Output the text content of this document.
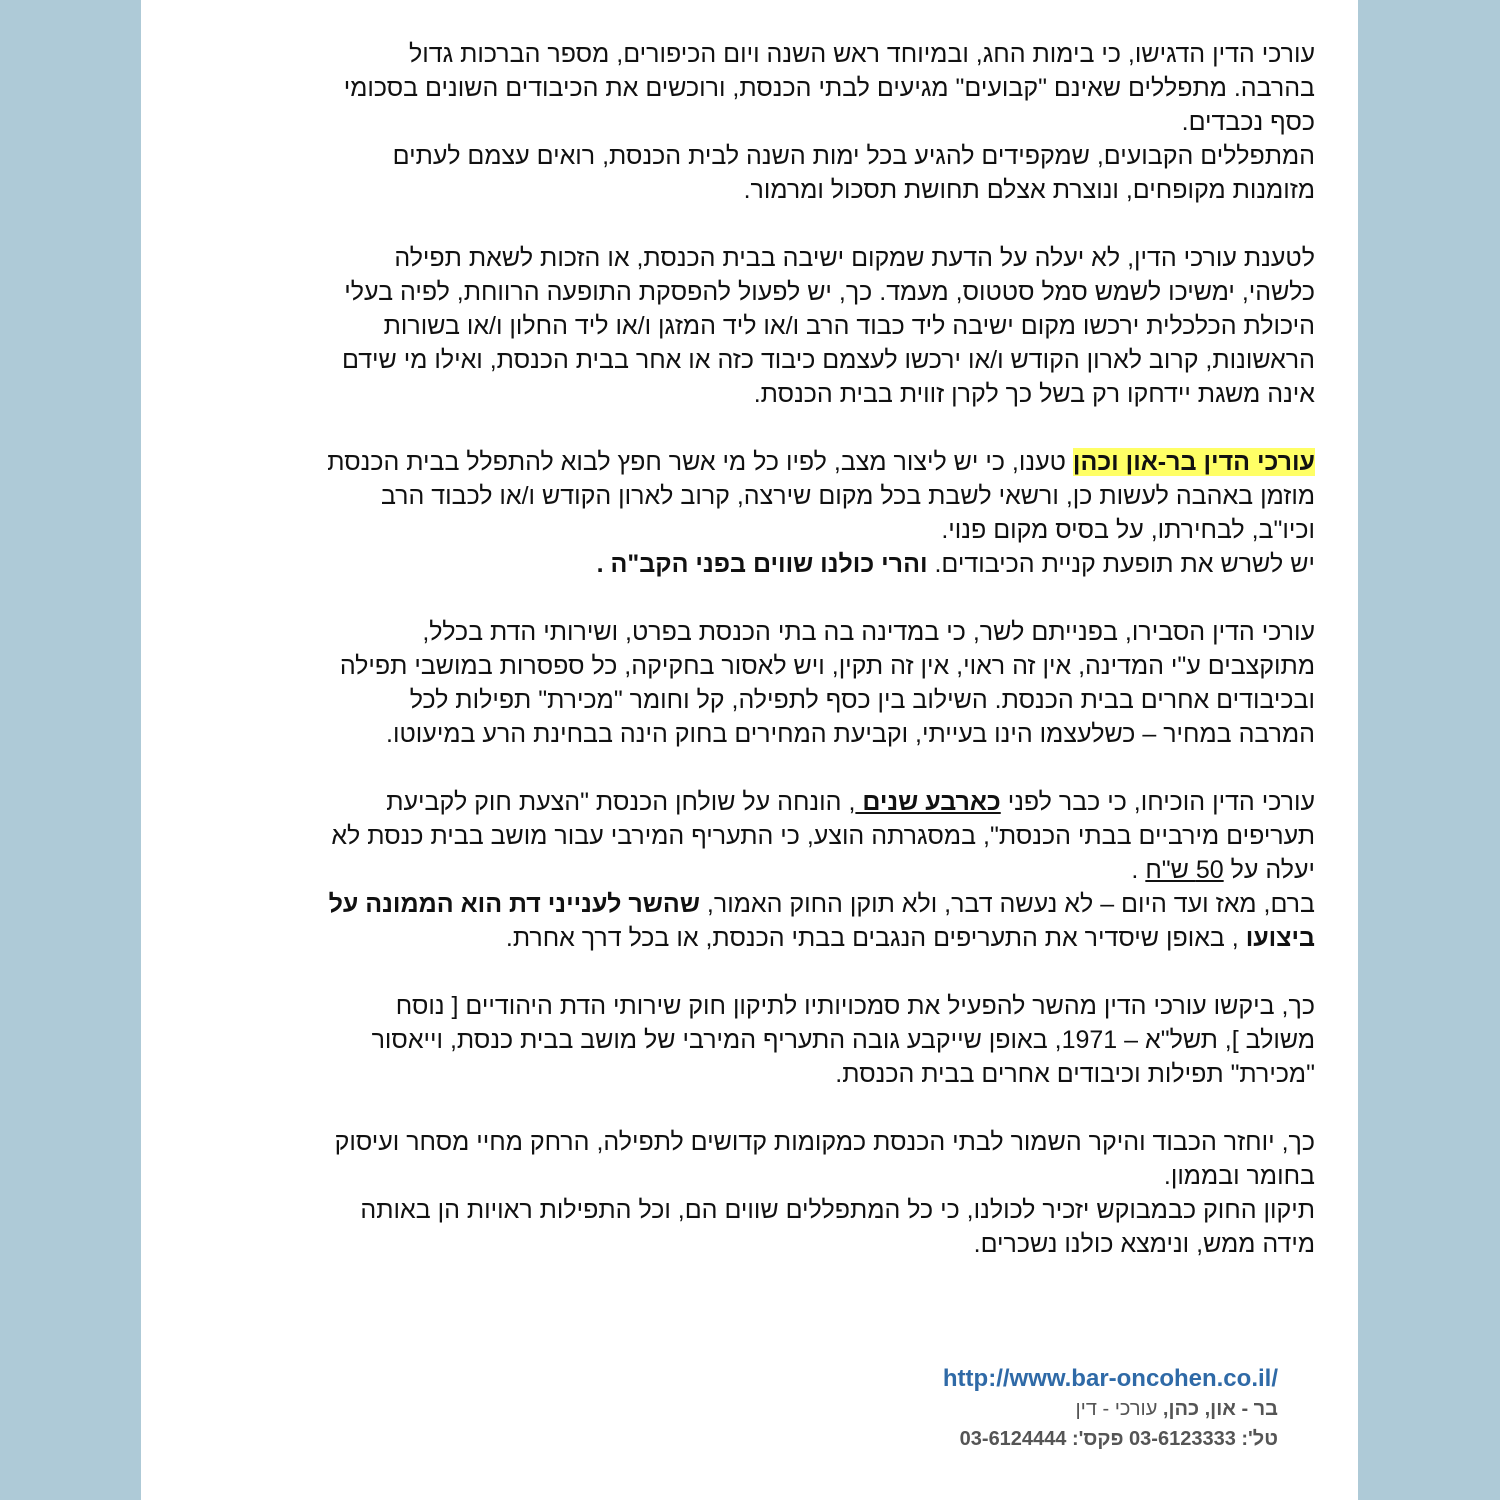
עורכי הדין הדגישו, כי בימות החג, ובמיוחד ראש השנה ויום הכיפורים, מספר הברכות גדול
בהרבה. מתפללים שאינם "קבועים" מגיעים לבתי הכנסת, ורוכשים את הכיבודים השונים בסכומי
כסף נכבדים.
המתפללים הקבועים, שמקפידים להגיע בכל ימות השנה לבית הכנסת, רואים עצמם לעתים
מזומנות מקופחים, ונוצרת אצלם תחושת תסכול ומרמור.
לטענת עורכי הדין, לא יעלה על הדעת שמקום ישיבה בבית הכנסת, או הזכות לשאת תפילה
כלשהי, ימשיכו לשמש סמל סטטוס, מעמד. כך, יש לפעול להפסקת התופעה הרווחת, לפיה בעלי
היכולת הכלכלית ירכשו מקום ישיבה ליד כבוד הרב ו/או ליד המזגן ו/או ליד החלון ו/או בשורות
הראשונות, קרוב לארון הקודש ו/או ירכשו לעצמם כיבוד כזה או אחר בבית הכנסת, ואילו מי שידם
אינה משגת יידחקו רק בשל כך לקרן זווית בבית הכנסת.
עורכי הדין בר-און וכהן טענו, כי יש ליצור מצב, לפיו כל מי אשר חפץ לבוא להתפלל בבית הכנסת
מוזמן באהבה לעשות כן, ורשאי לשבת בכל מקום שירצה, קרוב לארון הקודש ו/או לכבוד הרב
וכיו"ב, לבחירתו, על בסיס מקום פנוי.
יש לשרש את תופעת קניית הכיבודים. והרי כולנו שווים בפני הקב"ה .
עורכי הדין הסבירו, בפנייתם לשר, כי במדינה בה בתי הכנסת בפרט, ושירותי הדת בכלל,
מתוקצבים ע"י המדינה, אין זה ראוי, אין זה תקין, ויש לאסור בחקיקה, כל ספסרות במושבי תפילה
ובכיבודים אחרים בבית הכנסת. השילוב בין כסף לתפילה, קל וחומר "מכירת" תפילות לכל
המרבה במחיר – כשלעצמו הינו בעייתי, וקביעת המחירים בחוק הינה בבחינת הרע במיעוטו.
עורכי הדין הוכיחו, כי כבר לפני כארבע שנים , הונחה על שולחן הכנסת "הצעת חוק לקביעת
תעריפים מירביים בבתי הכנסת", במסגרתה הוצע, כי התעריף המירבי עבור מושב בבית כנסת לא
יעלה על 50 ש"ח .
ברם, מאז ועד היום – לא נעשה דבר, ולא תוקן החוק האמור, שהשר לענייני דת הוא הממונה על
ביצועו , באופן שיסדיר את התעריפים הנגבים בבתי הכנסת, או בכל דרך אחרת.
כך, ביקשו עורכי הדין מהשר להפעיל את סמכויותיו לתיקון חוק שירותי הדת היהודיים [ נוסח
משולב ], תשל"א – 1971, באופן שייקבע גובה התעריף המירבי של מושב בבית כנסת, וייאסור
"מכירת" תפילות וכיבודים אחרים בבית הכנסת.
כך, יוחזר הכבוד והיקר השמור לבתי הכנסת כמקומות קדושים לתפילה, הרחק מחיי מסחר ועיסוק
בחומר ובממון.
תיקון החוק כבמבוקש יזכיר לכולנו, כי כל המתפללים שווים הם, וכל התפילות ראויות הן באותה
מידה ממש, ונימצא כולנו נשכרים.
http://www.bar-oncohen.co.il/
בר - און, כהן, עורכי - דין
טל': 03-6123333 פקס': 03-6124444
